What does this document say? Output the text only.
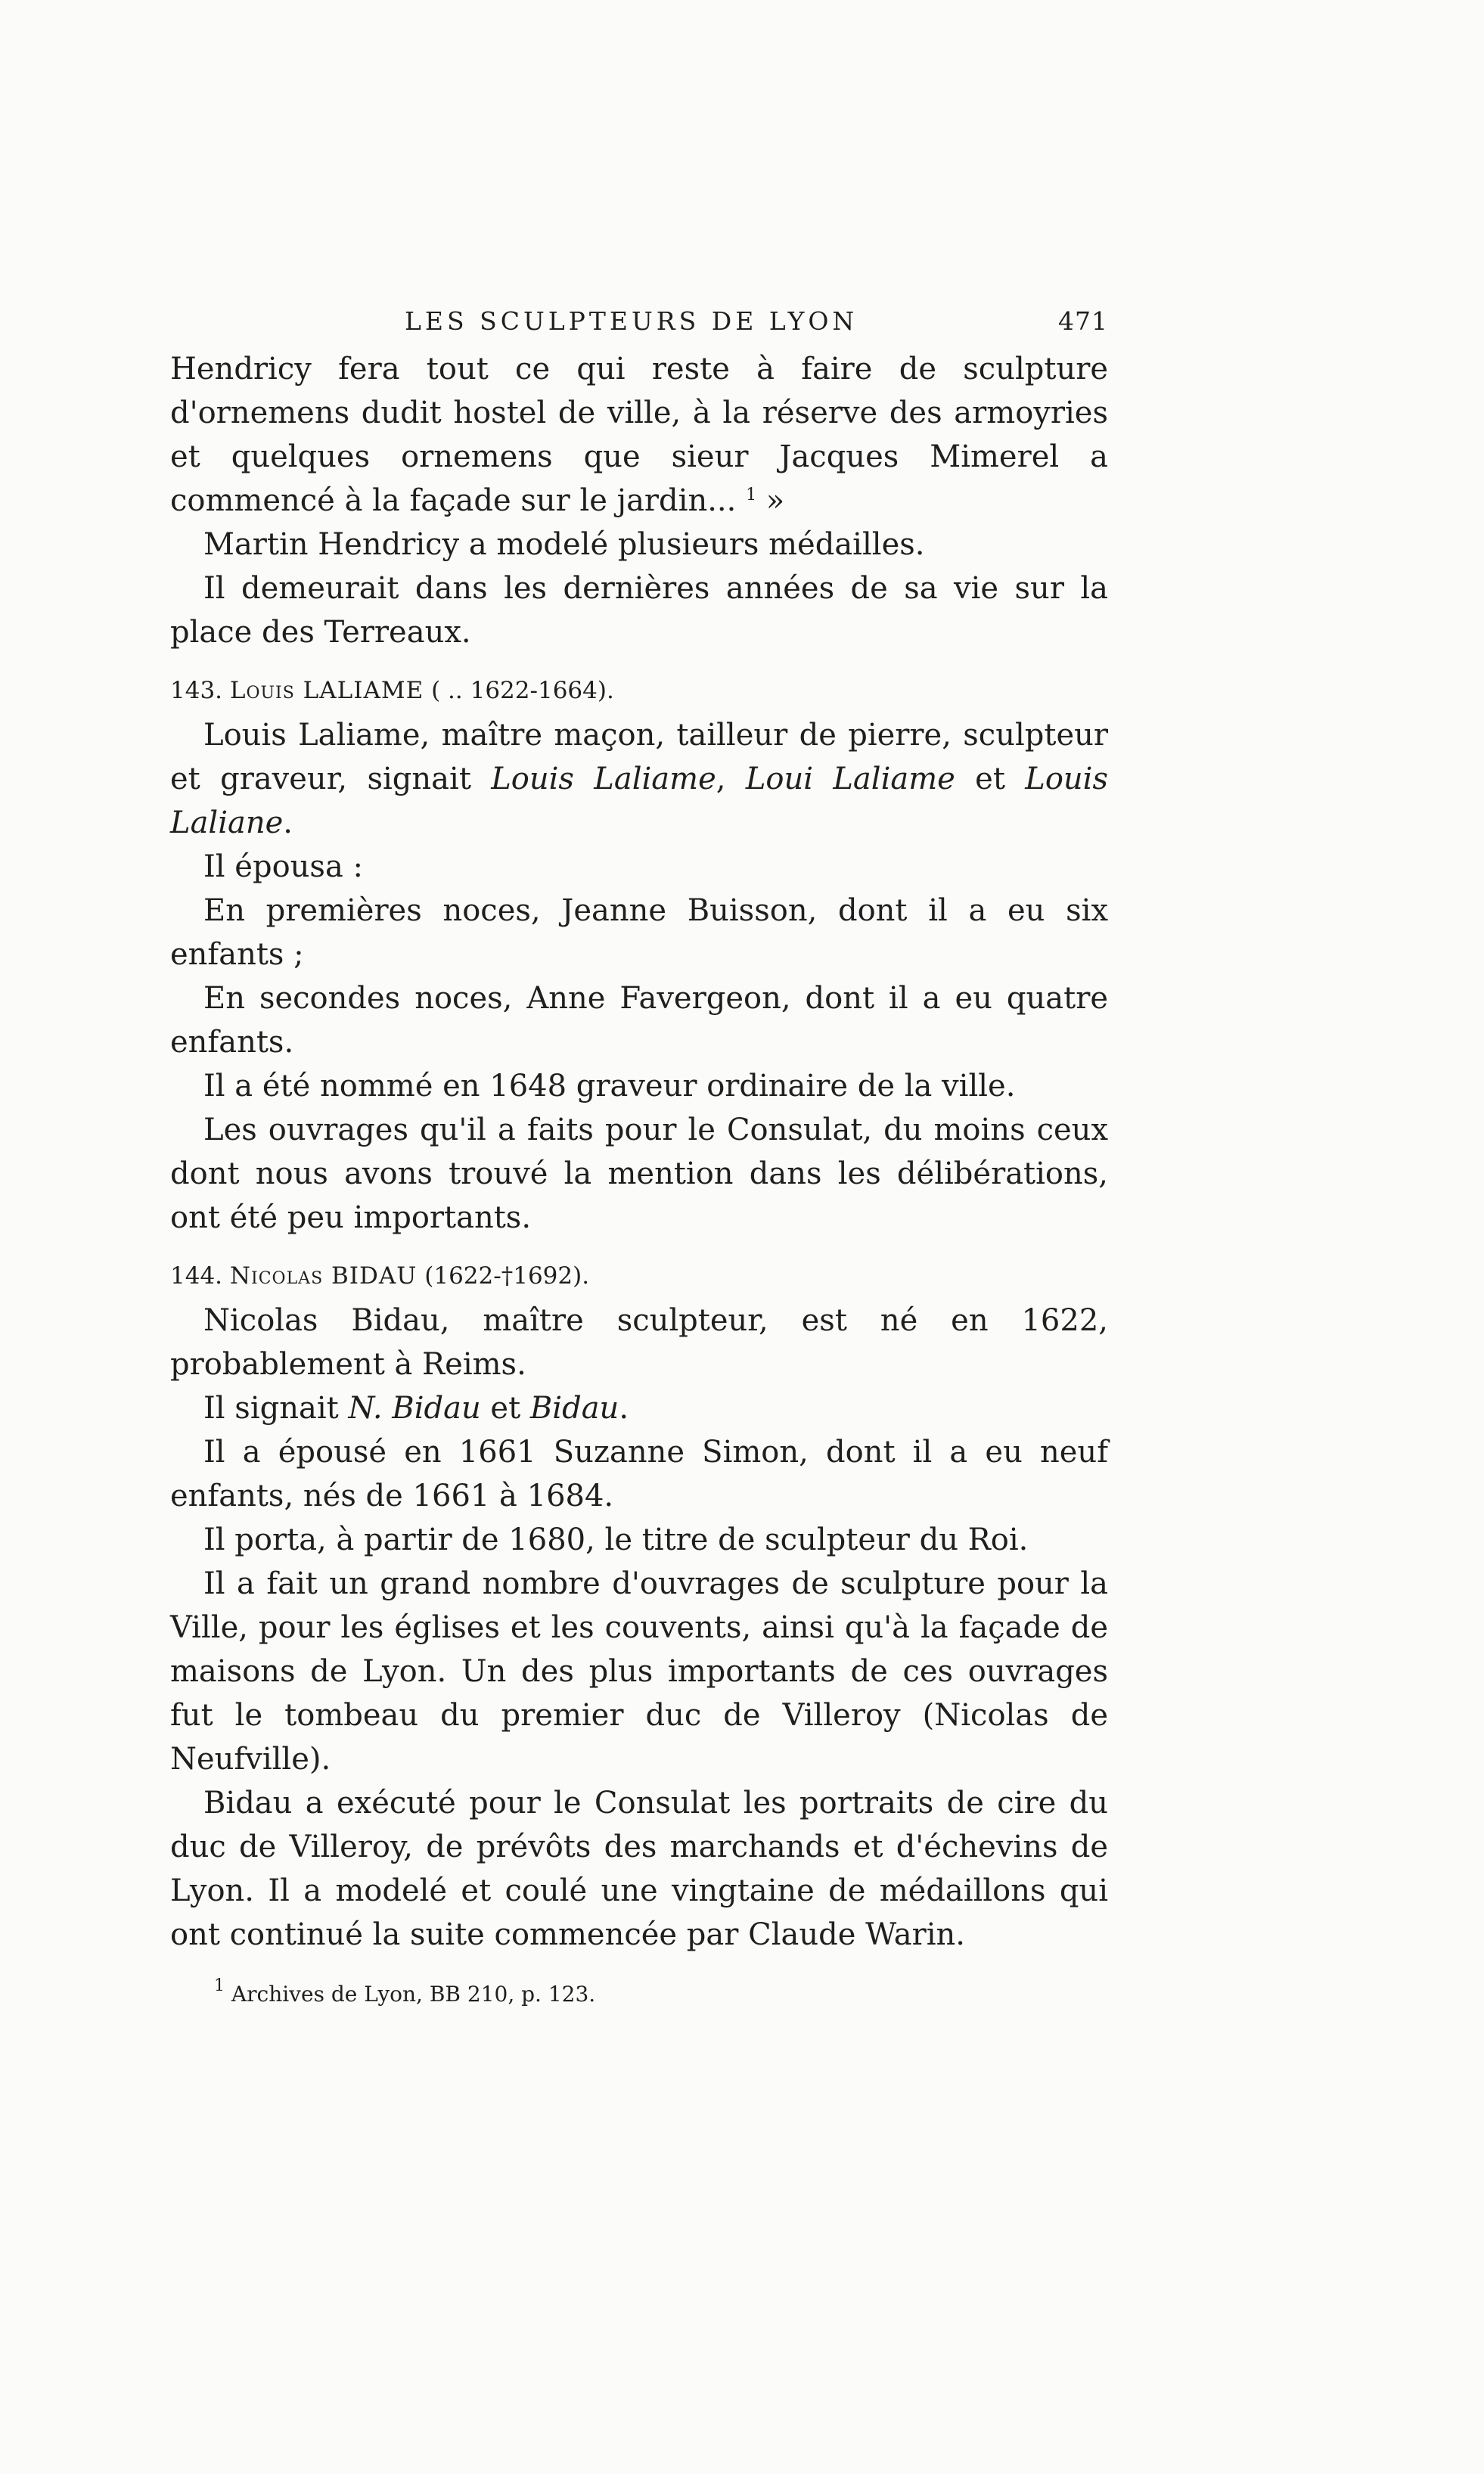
LES SCULPTEURS DE LYON	471

Hendricy fera tout ce qui reste à faire de sculpture d'ornemens dudit hostel de ville, à la réserve des armoyries et quelques ornemens que sieur Jacques Mimerel a commencé à la façade sur le jardin... $^1$ »

Martin Hendricy a modelé plusieurs médailles.

Il demeurait dans les dernières années de sa vie sur la place des Terreaux.

143. Louis LALIAME ( .. 1622-1664).

Louis Laliame, maître maçon, tailleur de pierre, sculpteur et graveur, signait Louis Laliame, Loui Laliame et Louis Laliane.

Il épousa :

En premières noces, Jeanne Buisson, dont il a eu six enfants ;

En secondes noces, Anne Favergeon, dont il a eu quatre enfants.

Il a été nommé en 1648 graveur ordinaire de la ville.

Les ouvrages qu'il a faits pour le Consulat, du moins ceux dont nous avons trouvé la mention dans les délibérations, ont été peu importants.

144. Nicolas BIDAU (1622-†1692).

Nicolas Bidau, maître sculpteur, est né en 1622, probablement à Reims.

Il signait N. Bidau et Bidau.

Il a épousé en 1661 Suzanne Simon, dont il a eu neuf enfants, nés de 1661 à 1684.

Il porta, à partir de 1680, le titre de sculpteur du Roi.

Il a fait un grand nombre d'ouvrages de sculpture pour la Ville, pour les églises et les couvents, ainsi qu'à la façade de maisons de Lyon. Un des plus importants de ces ouvrages fut le tombeau du premier duc de Villeroy (Nicolas de Neufville).

Bidau a exécuté pour le Consulat les portraits de cire du duc de Villeroy, de prévôts des marchands et d'échevins de Lyon. Il a modelé et coulé une vingtaine de médaillons qui ont continué la suite commencée par Claude Warin.

$^1$ Archives de Lyon, BB 210, p. 123.
